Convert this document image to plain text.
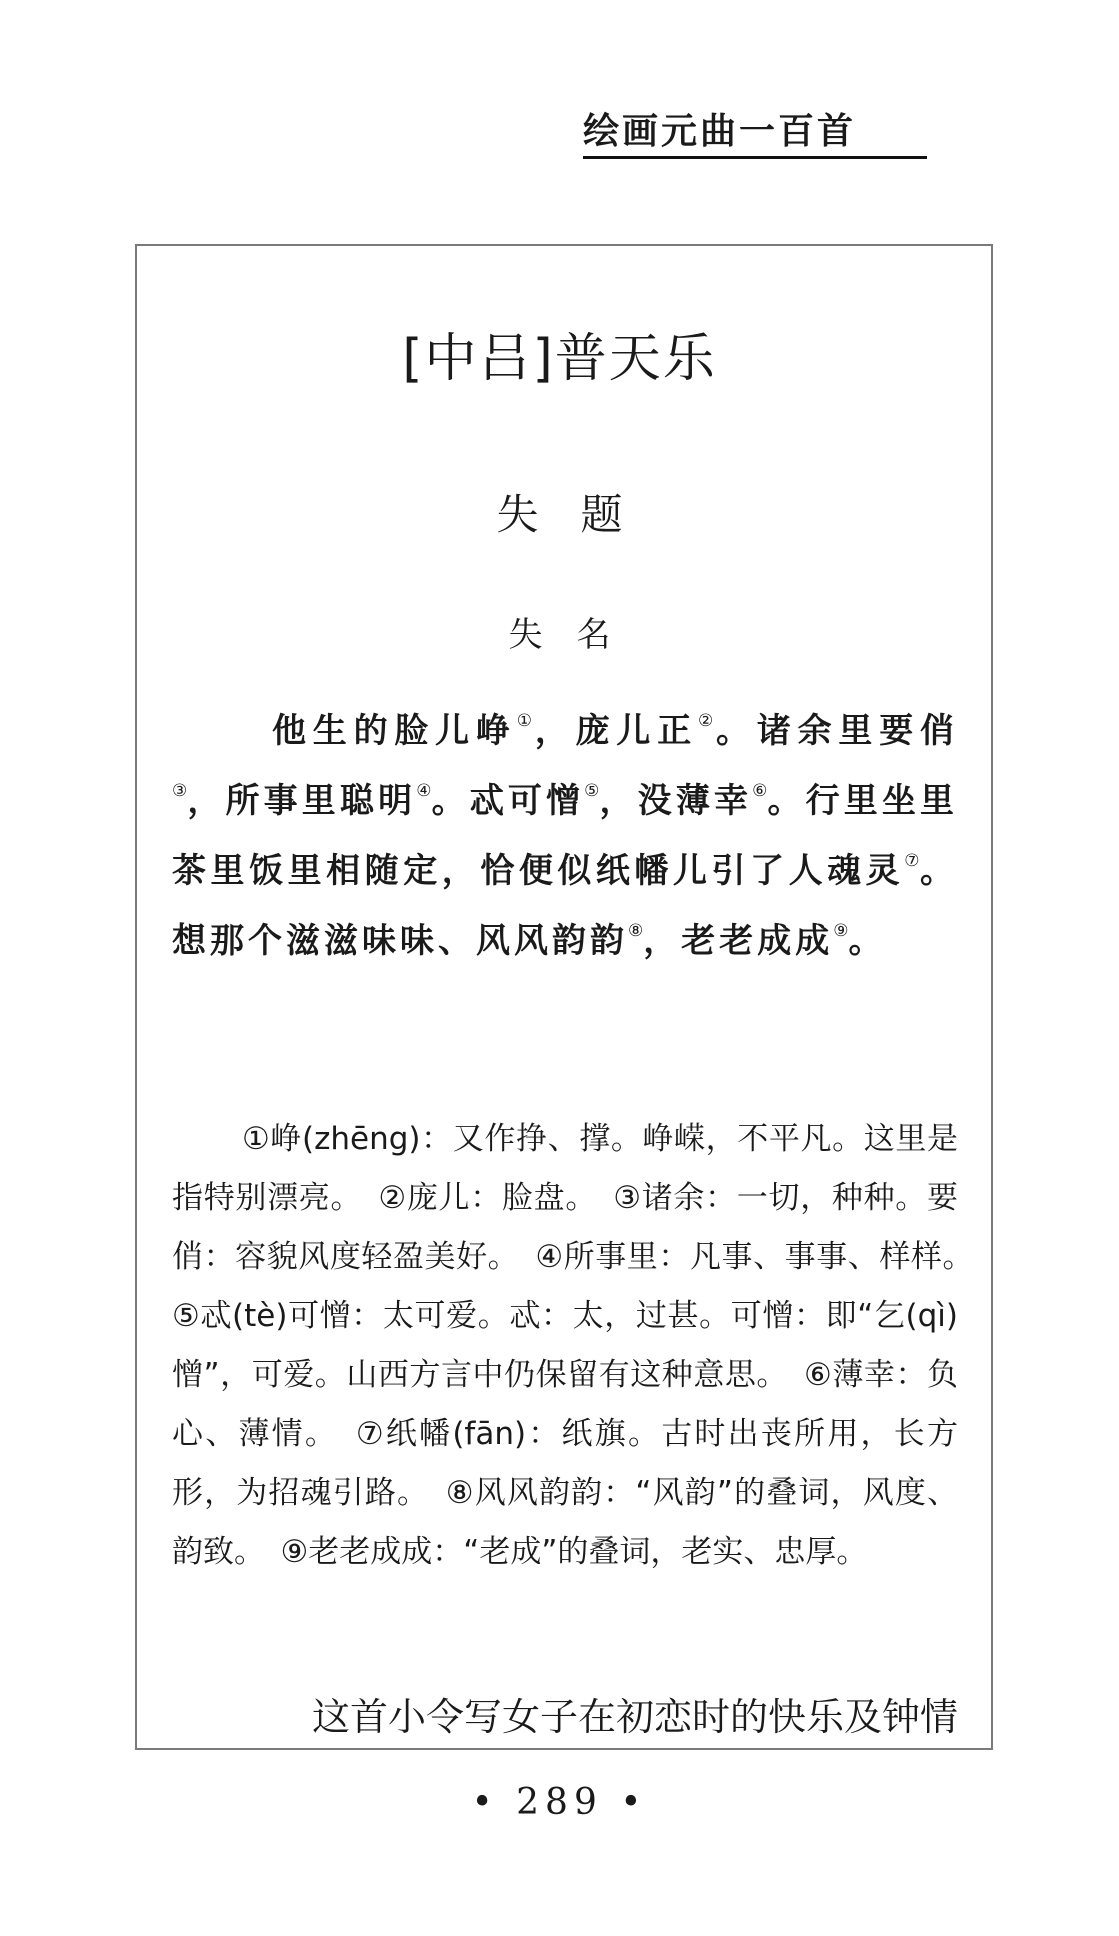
绘画元曲一百首
[中吕]普天乐
失　题
失　名
他生的脸儿峥①，庞儿正②。诸余里要俏③，所事里聪明④。忒可憎⑤，没薄幸⑥。行里坐里茶里饭里相随定，恰便似纸幡儿引了人魂灵⑦。想那个滋滋味味、风风韵韵⑧，老老成成⑨。
①峥(zhēng)：又作挣、撑。峥嵘，不平凡。这里是指特别漂亮。　②庞儿：脸盘。　③诸余：一切，种种。要俏：容貌风度轻盈美好。　④所事里：凡事、事事、样样。　⑤忒(tè)可憎：太可爱。忒：太，过甚。可憎：即“乞(qì)憎”，可爱。山西方言中仍保留有这种意思。　⑥薄幸：负心、薄情。　⑦纸幡(fān)：纸旗。古时出丧所用，长方形，为招魂引路。　⑧风风韵韵：“风韵”的叠词，风度、韵致。　⑨老老成成：“老成”的叠词，老实、忠厚。
这首小令写女子在初恋时的快乐及钟情
• 289 •
